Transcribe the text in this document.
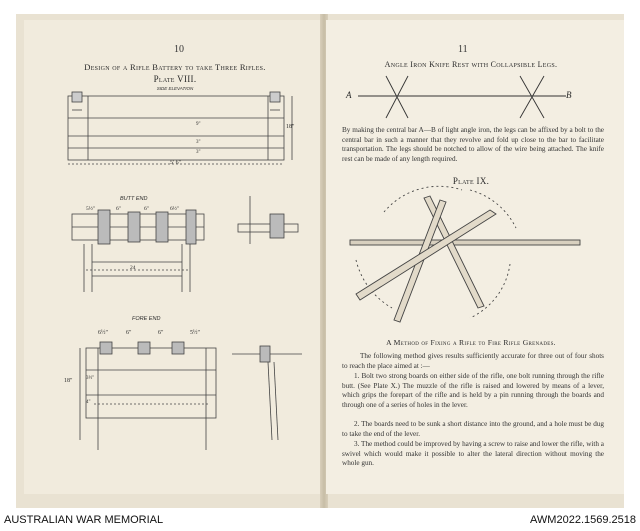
10
Design of a Rifle Battery to take Three Rifles.
Plate VIII.
SIDE ELEVATION
5' 6"
9"
3"
3"
18"
BUTT END
5½"	6"	6"	6½"
24
FORE END
6½"	6"	6"	5½"
3½"
4"
18"
11
Angle Iron Knife Rest with Collapsible Legs.
A	B
By making the central bar A—B of light angle iron, the legs can be affixed by a bolt to the central bar in such a manner that they revolve and fold up close to the bar to facilitate transportation. The legs should be notched to allow of the wire being attached. The knife rest can be made of any length required.
Plate IX.
A Method of Fixing a Rifle to Fire Rifle Grenades.
The following method gives results sufficiently accurate for three out of four shots to reach the place aimed at :—
1. Bolt two strong boards on either side of the rifle, one bolt running through the rifle butt. (See Plate X.) The muzzle of the rifle is raised and lowered by means of a lever, which grips the forepart of the rifle and is held by a pin running through the boards and through one of a series of holes in the lever.
2. The boards need to be sunk a short distance into the ground, and a hole must be dug to take the end of the lever.
3. The method could be improved by having a screw to raise and lower the rifle, with a swivel which would make it possible to alter the lateral direction without moving the whole gun.
AUSTRALIAN WAR MEMORIAL	AWM2022.1569.2518
